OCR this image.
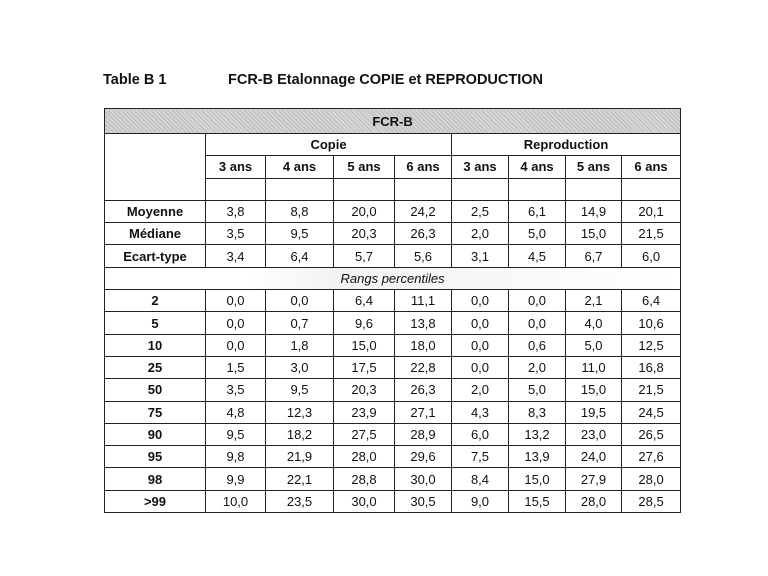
Table B 1	FCR-B Etalonnage COPIE et REPRODUCTION
FCR-B								
	Copie				Reproduction			
	3 ans	4 ans	5 ans	6 ans	3 ans	4 ans	5 ans	6 ans

Moyenne	3,8	8,8	20,0	24,2	2,5	6,1	14,9	20,1
Médiane	3,5	9,5	20,3	26,3	2,0	5,0	15,0	21,5
Ecart-type	3,4	6,4	5,7	5,6	3,1	4,5	6,7	6,0
Rangs percentiles								
2	0,0	0,0	6,4	11,1	0,0	0,0	2,1	6,4
5	0,0	0,7	9,6	13,8	0,0	0,0	4,0	10,6
10	0,0	1,8	15,0	18,0	0,0	0,6	5,0	12,5
25	1,5	3,0	17,5	22,8	0,0	2,0	11,0	16,8
50	3,5	9,5	20,3	26,3	2,0	5,0	15,0	21,5
75	4,8	12,3	23,9	27,1	4,3	8,3	19,5	24,5
90	9,5	18,2	27,5	28,9	6,0	13,2	23,0	26,5
95	9,8	21,9	28,0	29,6	7,5	13,9	24,0	27,6
98	9,9	22,1	28,8	30,0	8,4	15,0	27,9	28,0
>99	10,0	23,5	30,0	30,5	9,0	15,5	28,0	28,5
